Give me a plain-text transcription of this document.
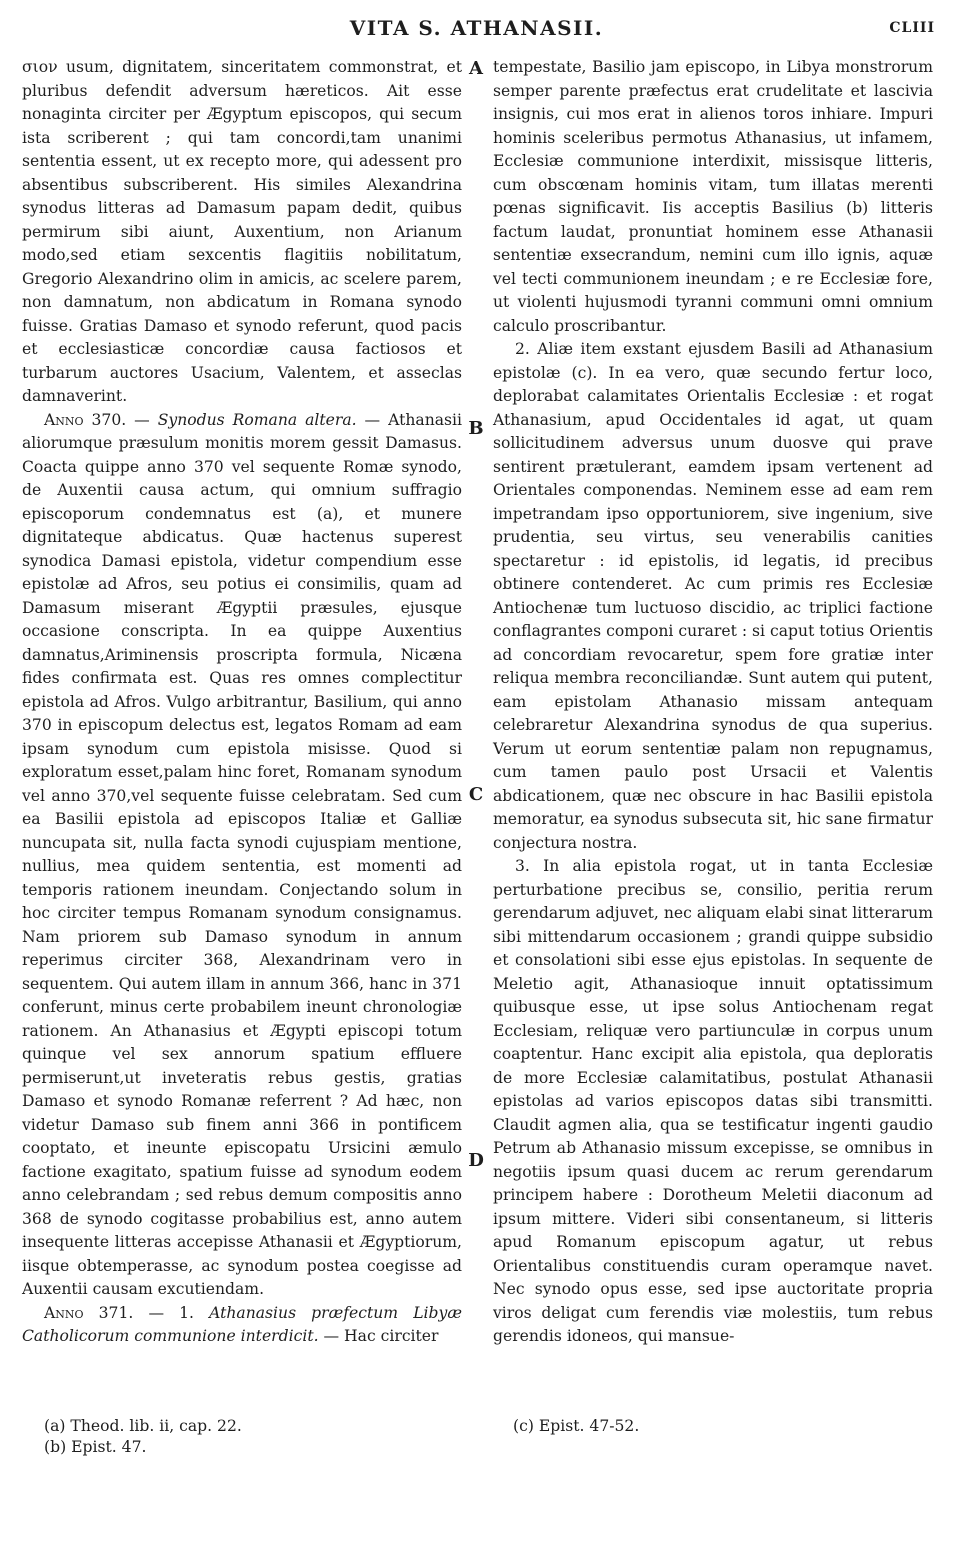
VITA S. ATHANASII.	CLIII

σιον usum, dignitatem, sinceritatem commonstrat, et pluribus defendit adversum hæreticos. Ait esse nonaginta circiter per Ægyptum episcopos, qui secum ista scriberent ; qui tam concordi,tam unanimi sententia essent, ut ex recepto more, qui adessent pro absentibus subscriberent. His similes Alexandrina synodus litteras ad Damasum papam dedit, quibus permirum sibi aiunt, Auxentium, non Arianum modo,sed etiam sexcentis flagitiis nobilitatum, Gregorio Alexandrino olim in amicis, ac scelere parem, non damnatum, non abdicatum in Romana synodo fuisse. Gratias Damaso et synodo referunt, quod pacis et ecclesiasticæ concordiæ causa factiosos et turbarum auctores Usacium, Valentem, et asseclas damnaverint.

Anno 370. — Synodus Romana altera. — Athanasii aliorumque præsulum monitis morem gessit Damasus. Coacta quippe anno 370 vel sequente Romæ synodo, de Auxentii causa actum, qui omnium suffragio episcoporum condemnatus est (a), et munere dignitateque abdicatus. Quæ hactenus superest synodica Damasi epistola, videtur compendium esse epistolæ ad Afros, seu potius ei consimilis, quam ad Damasum miserant Ægyptii præsules, ejusque occasione conscripta. In ea quippe Auxentius damnatus,Ariminensis proscripta formula, Nicæna fides confirmata est. Quas res omnes complectitur epistola ad Afros. Vulgo arbitrantur, Basilium, qui anno 370 in episcopum delectus est, legatos Romam ad eam ipsam synodum cum epistola misisse. Quod si exploratum esset,palam hinc foret, Romanam synodum vel anno 370,vel sequente fuisse celebratam. Sed cum ea Basilii epistola ad episcopos Italiæ et Galliæ nuncupata sit, nulla facta synodi cujuspiam mentione, nullius, mea quidem sententia, est momenti ad temporis rationem ineundam. Conjectando solum in hoc circiter tempus Romanam synodum consignamus. Nam priorem sub Damaso synodum in annum reperimus circiter 368, Alexandrinam vero in sequentem. Qui autem illam in annum 366, hanc in 371 conferunt, minus certe probabilem ineunt chronologiæ rationem. An Athanasius et Ægypti episcopi totum quinque vel sex annorum spatium effluere permiserunt,ut inveteratis rebus gestis, gratias Damaso et synodo Romanæ referrent ? Ad hæc, non videtur Damaso sub finem anni 366 in pontificem cooptato, et ineunte episcopatu Ursicini æmulo factione exagitato, spatium fuisse ad synodum eodem anno celebrandam ; sed rebus demum compositis anno 368 de synodo cogitasse probabilius est, anno autem insequente litteras accepisse Athanasii et Ægyptiorum, iisque obtemperasse, ac synodum postea coegisse ad Auxentii causam excutiendam.

Anno 371. — 1. Athanasius præfectum Libyæ Catholicorum communione interdicit. — Hac circiter

A
B
C
D

tempestate, Basilio jam episcopo, in Libya monstrorum semper parente præfectus erat crudelitate et lascivia insignis, cui mos erat in alienos toros inhiare. Impuri hominis sceleribus permotus Athanasius, ut infamem, Ecclesiæ communione interdixit, missisque litteris, cum obscœnam hominis vitam, tum illatas merenti pœnas significavit. Iis acceptis Basilius (b) litteris factum laudat, pronuntiat hominem esse Athanasii sententiæ exsecrandum, nemini cum illo ignis, aquæ vel tecti communionem ineundam ; e re Ecclesiæ fore, ut violenti hujusmodi tyranni communi omni omnium calculo proscribantur.

2. Aliæ item exstant ejusdem Basili ad Athanasium epistolæ (c). In ea vero, quæ secundo fertur loco, deplorabat calamitates Orientalis Ecclesiæ : et rogat Athanasium, apud Occidentales id agat, ut quam sollicitudinem adversus unum duosve qui prave sentirent prætulerant, eamdem ipsam vertenent ad Orientales componendas. Neminem esse ad eam rem impetrandam ipso opportuniorem, sive ingenium, sive prudentia, seu virtus, seu venerabilis canities spectaretur : id epistolis, id legatis, id precibus obtinere contenderet. Ac cum primis res Ecclesiæ Antiochenæ tum luctuoso discidio, ac triplici factione conflagrantes componi curaret : si caput totius Orientis ad concordiam revocaretur, spem fore gratiæ inter reliqua membra reconciliandæ. Sunt autem qui putent, eam epistolam Athanasio missam antequam celebraretur Alexandrina synodus de qua superius. Verum ut eorum sententiæ palam non repugnamus, cum tamen paulo post Ursacii et Valentis abdicationem, quæ nec obscure in hac Basilii epistola memoratur, ea synodus subsecuta sit, hic sane firmatur conjectura nostra.

3. In alia epistola rogat, ut in tanta Ecclesiæ perturbatione precibus se, consilio, peritia rerum gerendarum adjuvet, nec aliquam elabi sinat litterarum sibi mittendarum occasionem ; grandi quippe subsidio et consolationi sibi esse ejus epistolas. In sequente de Meletio agit, Athanasioque innuit optatissimum quibusque esse, ut ipse solus Antiochenam regat Ecclesiam, reliquæ vero partiunculæ in corpus unum coaptentur. Hanc excipit alia epistola, qua deploratis de more Ecclesiæ calamitatibus, postulat Athanasii epistolas ad varios episcopos datas sibi transmitti. Claudit agmen alia, qua se testificatur ingenti gaudio Petrum ab Athanasio missum excepisse, se omnibus in negotiis ipsum quasi ducem ac rerum gerendarum principem habere : Dorotheum Meletii diaconum ad ipsum mittere. Videri sibi consentaneum, si litteris apud Romanum episcopum agatur, ut rebus Orientalibus constituendis curam operamque navet. Nec synodo opus esse, sed ipse auctoritate propria viros deligat cum ferendis viæ molestiis, tum rebus gerendis idoneos, qui mansue-

(a) Theod. lib. ii, cap. 22.
(b) Epist. 47.
(c) Epist. 47-52.
